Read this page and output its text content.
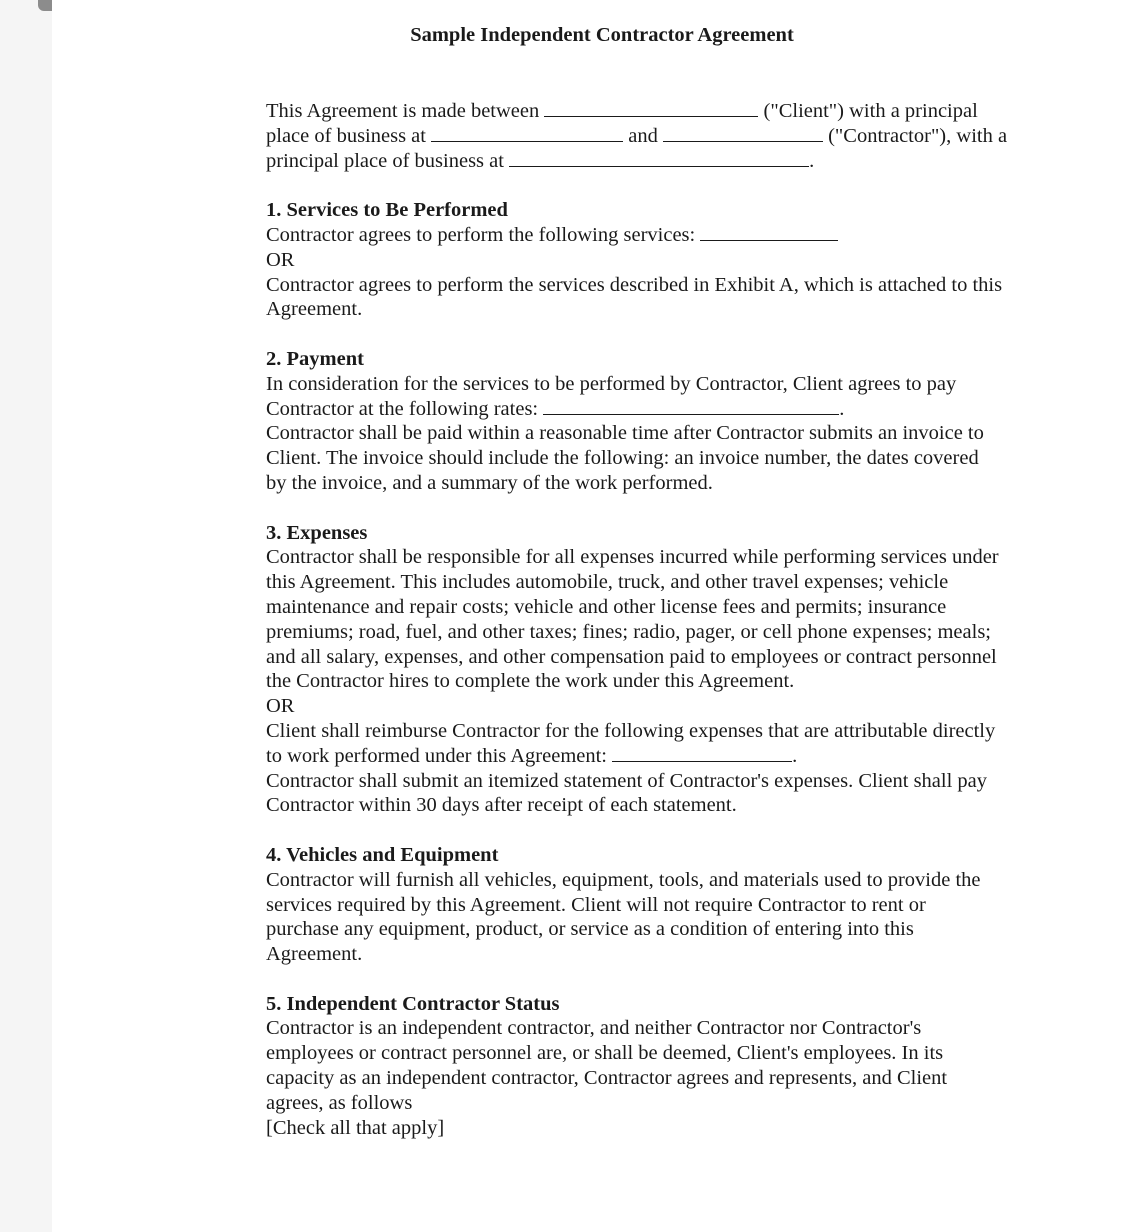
Sample Independent Contractor Agreement
This Agreement is made between	("Client") with a principal
place of business at	and	("Contractor"), with a
principal place of business at	.
1. Services to Be Performed
Contractor agrees to perform the following services:
OR
Contractor agrees to perform the services described in Exhibit A, which is attached to this
Agreement.
2. Payment
In consideration for the services to be performed by Contractor, Client agrees to pay
Contractor at the following rates:	.
Contractor shall be paid within a reasonable time after Contractor submits an invoice to
Client. The invoice should include the following: an invoice number, the dates covered
by the invoice, and a summary of the work performed.
3. Expenses
Contractor shall be responsible for all expenses incurred while performing services under
this Agreement. This includes automobile, truck, and other travel expenses; vehicle
maintenance and repair costs; vehicle and other license fees and permits; insurance
premiums; road, fuel, and other taxes; fines; radio, pager, or cell phone expenses; meals;
and all salary, expenses, and other compensation paid to employees or contract personnel
the Contractor hires to complete the work under this Agreement.
OR
Client shall reimburse Contractor for the following expenses that are attributable directly
to work performed under this Agreement:	.
Contractor shall submit an itemized statement of Contractor's expenses. Client shall pay
Contractor within 30 days after receipt of each statement.
4. Vehicles and Equipment
Contractor will furnish all vehicles, equipment, tools, and materials used to provide the
services required by this Agreement. Client will not require Contractor to rent or
purchase any equipment, product, or service as a condition of entering into this
Agreement.
5. Independent Contractor Status
Contractor is an independent contractor, and neither Contractor nor Contractor's
employees or contract personnel are, or shall be deemed, Client's employees. In its
capacity as an independent contractor, Contractor agrees and represents, and Client
agrees, as follows
[Check all that apply]
